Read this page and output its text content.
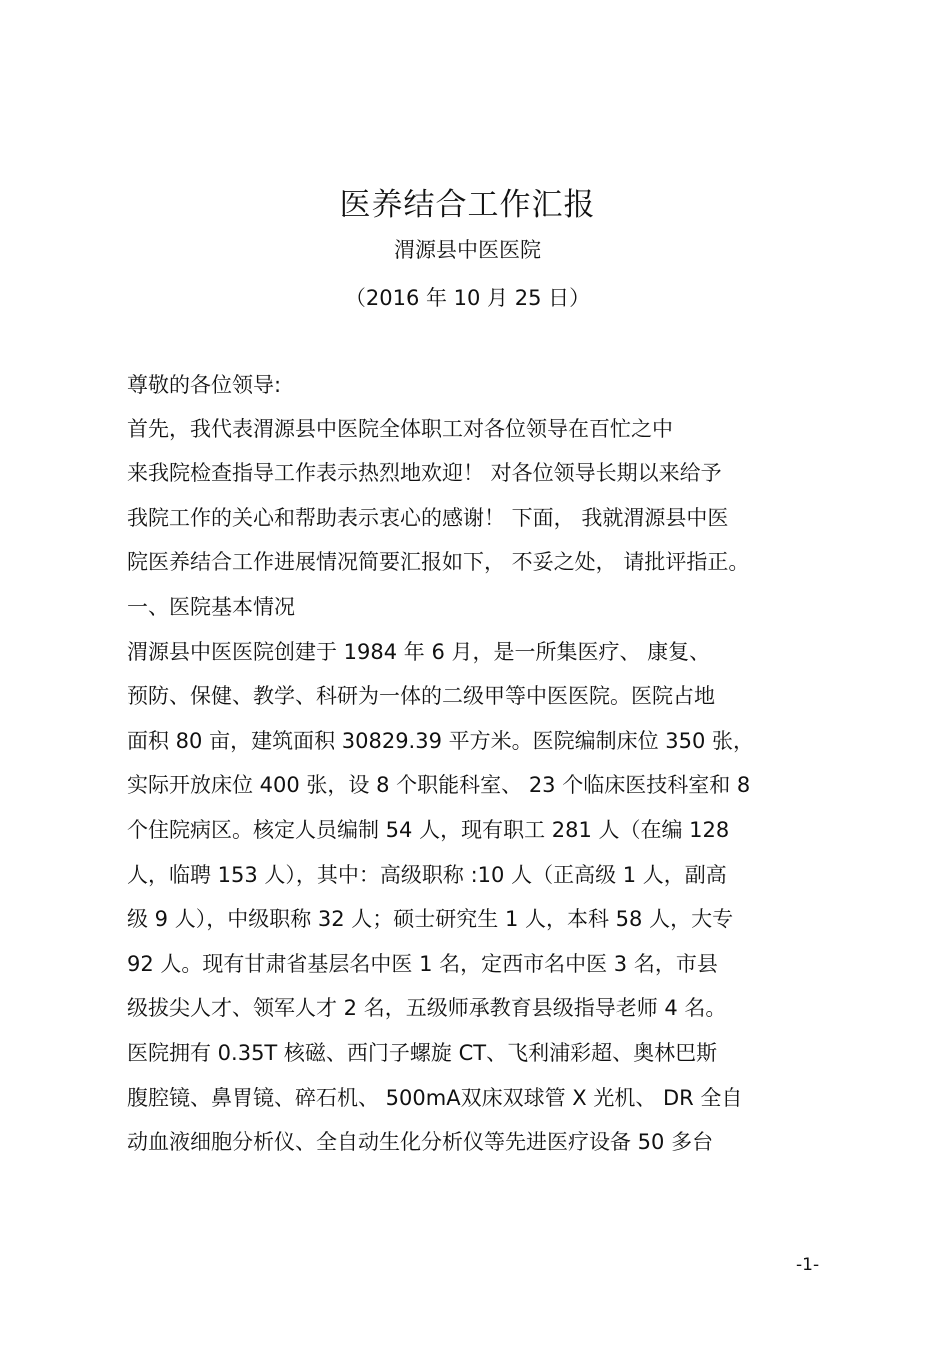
医养结合工作汇报
渭源县中医医院
（2016 年 10 月 25 日）
尊敬的各位领导:
首先，我代表渭源县中医院全体职工对各位领导在百忙之中
来我院检查指导工作表示热烈地欢迎！ 对各位领导长期以来给予
我院工作的关心和帮助表示衷心的感谢！ 下面， 我就渭源县中医
院医养结合工作进展情况简要汇报如下， 不妥之处， 请批评指正。
一、医院基本情况
渭源县中医医院创建于 1984 年 6 月，是一所集医疗、 康复、
预防、保健、教学、科研为一体的二级甲等中医医院。医院占地
面积 80 亩，建筑面积 30829.39 平方米。医院编制床位 350 张，
实际开放床位 400 张，设 8 个职能科室、 23 个临床医技科室和 8
个住院病区。核定人员编制 54 人，现有职工 281 人（在编 128
人，临聘 153 人），其中：高级职称 :10 人（正高级 1 人，副高
级 9 人），中级职称 32 人；硕士研究生 1 人，本科 58 人，大专
92 人。现有甘肃省基层名中医 1 名，定西市名中医 3 名，市县
级拔尖人才、领军人才 2 名，五级师承教育县级指导老师 4 名。
医院拥有 0.35T 核磁、西门子螺旋 CT、飞利浦彩超、奥林巴斯
腹腔镜、鼻胃镜、碎石机、 500mA双床双球管 X 光机、 DR 全自
动血液细胞分析仪、全自动生化分析仪等先进医疗设备 50 多台
-1-
